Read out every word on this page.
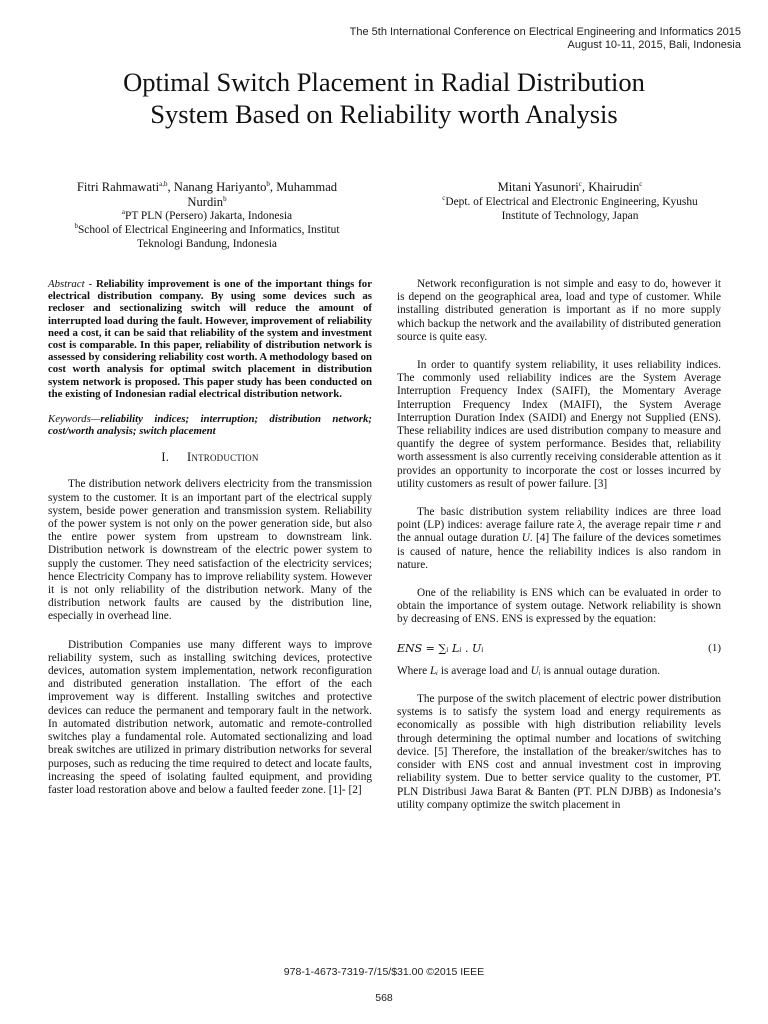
The 5th International Conference on Electrical Engineering and Informatics 2015
August 10-11, 2015, Bali, Indonesia
Optimal Switch Placement in Radial Distribution
System Based on Reliability worth Analysis
Fitri Rahmawati$^{a,b}$, Nanang Hariyanto$^b$, Muhammad
Nurdin$^b$
$^a$PT PLN (Persero) Jakarta, Indonesia
$^b$School of Electrical Engineering and Informatics, Institut
Teknologi Bandung, Indonesia
Mitani Yasunori$^c$, Khairudin$^c$
$^c$Dept. of Electrical and Electronic Engineering, Kyushu
Institute of Technology, Japan

Abstract - Reliability improvement is one of the important things for electrical distribution company. By using some devices such as recloser and sectionalizing switch will reduce the amount of interrupted load during the fault. However, improvement of reliability need a cost, it can be said that reliability of the system and investment cost is comparable. In this paper, reliability of distribution network is assessed by considering reliability cost worth. A methodology based on cost worth analysis for optimal switch placement in distribution system network is proposed. This paper study has been conducted on the existing of Indonesian radial electrical distribution network.

Keywords—reliability indices; interruption; distribution network; cost/worth analysis; switch placement

I. Introduction

The distribution network delivers electricity from the transmission system to the customer. It is an important part of the electrical supply system, beside power generation and transmission system. Reliability of the power system is not only on the power generation side, but also the entire power system from upstream to downstream link. Distribution network is downstream of the electric power system to supply the customer. They need satisfaction of the electricity services; hence Electricity Company has to improve reliability system. However it is not only reliability of the distribution network. Many of the distribution network faults are caused by the distribution line, especially in overhead line.

Distribution Companies use many different ways to improve reliability system, such as installing switching devices, protective devices, automation system implementation, network reconfiguration and distributed generation installation. The effort of the each improvement way is different. Installing switches and protective devices can reduce the permanent and temporary fault in the network. In automated distribution network, automatic and remote-controlled switches play a fundamental role. Automated sectionalizing and load break switches are utilized in primary distribution networks for several purposes, such as reducing the time required to detect and locate faults, increasing the speed of isolating faulted equipment, and providing faster load restoration above and below a faulted feeder zone. [1]- [2]

Network reconfiguration is not simple and easy to do, however it is depend on the geographical area, load and type of customer. While installing distributed generation is important as if no more supply which backup the network and the availability of distributed generation source is quite easy.

In order to quantify system reliability, it uses reliability indices. The commonly used reliability indices are the System Average Interruption Frequency Index (SAIFI), the Momentary Average Interruption Frequency Index (MAIFI), the System Average Interruption Duration Index (SAIDI) and Energy not Supplied (ENS). These reliability indices are used distribution company to measure and quantify the degree of system performance. Besides that, reliability worth assessment is also currently receiving considerable attention as it provides an opportunity to incorporate the cost or losses incurred by utility customers as result of power failure. [3]

The basic distribution system reliability indices are three load point (LP) indices: average failure rate λ, the average repair time r and the annual outage duration U. [4] The failure of the devices sometimes is caused of nature, hence the reliability indices is also random in nature.

One of the reliability is ENS which can be evaluated in order to obtain the importance of system outage. Network reliability is shown by decreasing of ENS. ENS is expressed by the equation:

ENS = ∑ᵢ Lᵢ . Uᵢ	(1)

Where Lᵢ is average load and Uᵢ is annual outage duration.

The purpose of the switch placement of electric power distribution systems is to satisfy the system load and energy requirements as economically as possible with high distribution reliability levels through determining the optimal number and locations of switching device. [5] Therefore, the installation of the breaker/switches has to consider with ENS cost and annual investment cost in improving reliability system. Due to better service quality to the customer, PT. PLN Distribusi Jawa Barat & Banten (PT. PLN DJBB) as Indonesia’s utility company optimize the switch placement in

978-1-4673-7319-7/15/$31.00 ©2015 IEEE
568
